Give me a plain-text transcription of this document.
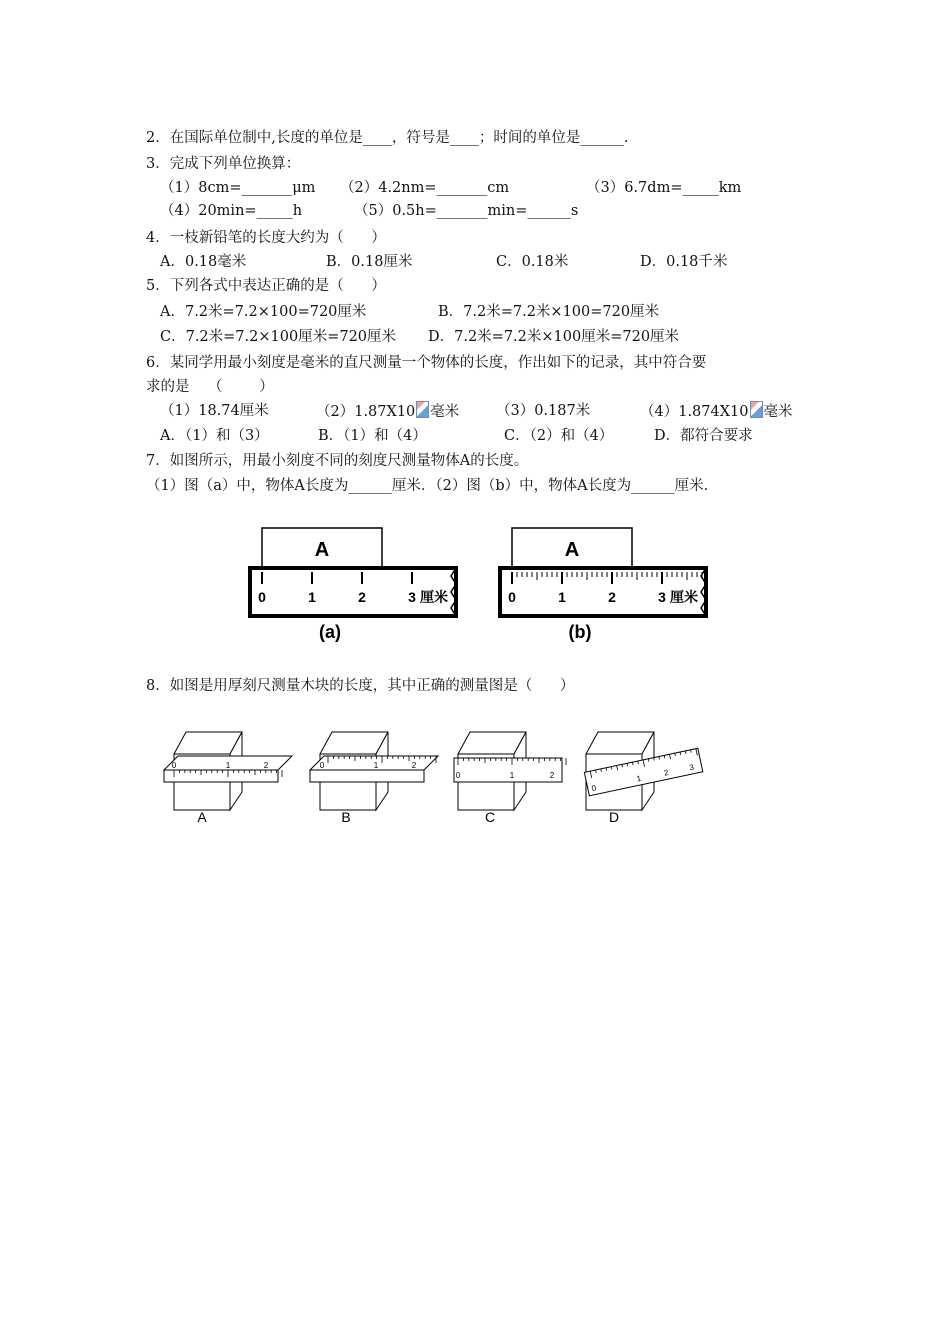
2．在国际单位制中,长度的单位是____，符号是____；时间的单位是______.
3．完成下列单位换算：
（1）8cm=_______μm （2）4.2nm=_______cm	（3）6.7dm=_____km
（4）20min=_____h	（5）0.5h=_______min=______s
4．一枝新铅笔的长度大约为（      ）
A．0.18毫米	B．0.18厘米	C．0.18米	D．0.18千米
5．下列各式中表达正确的是（      ）
A．7.2米=7.2×100=720厘米	B．7.2米=7.2米×100=720厘米
C．7.2米=7.2×100厘米=720厘米 D．7.2米=7.2米×100厘米=720厘米
6．某同学用最小刻度是毫米的直尺测量一个物体的长度，作出如下的记录，其中符合要
求的是    （        ）
（1）18.74厘米	（2）1.87X10 毫米	（3）0.187米	（4）1.874X10 毫米
A．（1）和（3）	B．（1）和（4）	C．（2）和（4）	D．都符合要求
7．如图所示，用最小刻度不同的刻度尺测量物体A的长度。
（1）图（a）中，物体A长度为______厘米．（2）图（b）中，物体A长度为______厘米.
A
0	1	2	3 厘米
(a)
A
0	1	2	3 厘米
(b)
8．如图是用厚刻尺测量木块的长度，其中正确的测量图是（      ）
0	1	2
A
0	1	2
B
0	1	2
C
0
1
2
3
D
